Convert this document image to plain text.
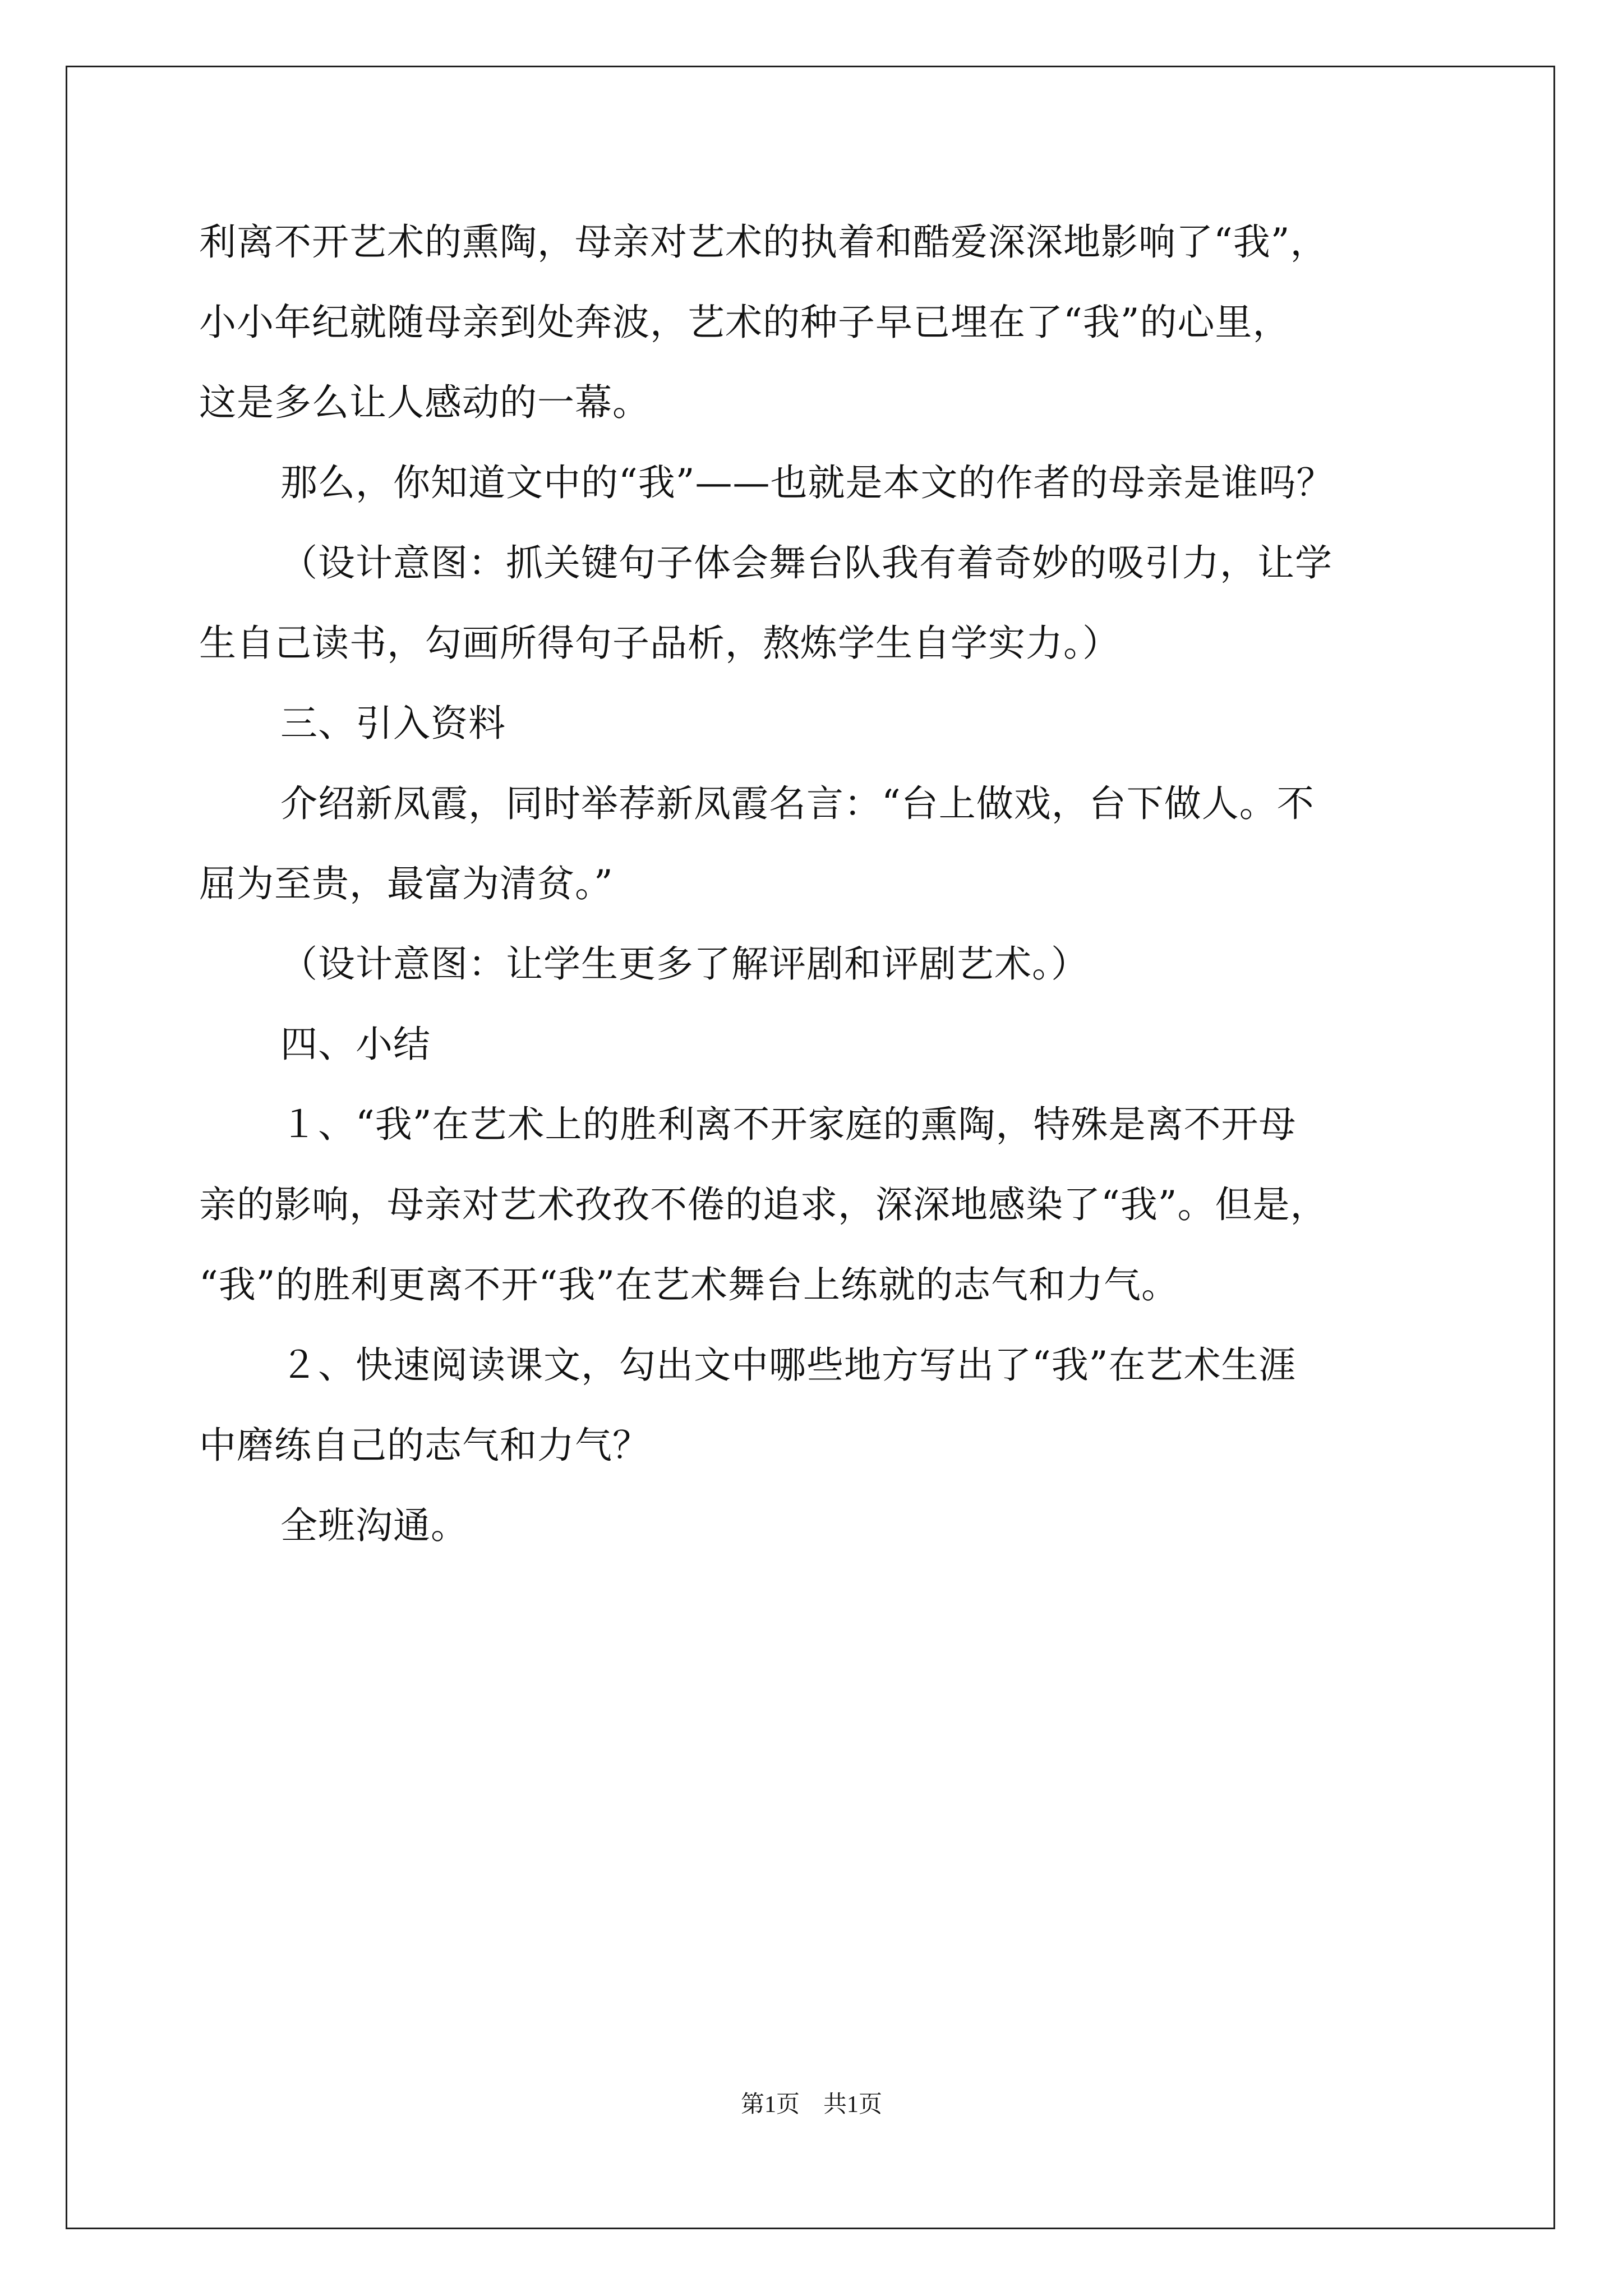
利离不开艺术的熏陶，母亲对艺术的执着和酷爱深深地影响了“我”，
小小年纪就随母亲到处奔波，艺术的种子早已埋在了“我”的心里，
这是多么让人感动的一幕。
那么，你知道文中的“我”——也就是本文的作者的母亲是谁吗？
（设计意图：抓关键句子体会舞台队我有着奇妙的吸引力，让学
生自己读书，勾画所得句子品析，熬炼学生自学实力。）
三、引入资料
介绍新凤霞，同时举荐新凤霞名言：“台上做戏，台下做人。不
屈为至贵，最富为清贫。”
（设计意图：让学生更多了解评剧和评剧艺术。）
四、小结
１、“我”在艺术上的胜利离不开家庭的熏陶，特殊是离不开母
亲的影响，母亲对艺术孜孜不倦的追求，深深地感染了“我”。但是，
“我”的胜利更离不开“我”在艺术舞台上练就的志气和力气。
２、快速阅读课文，勾出文中哪些地方写出了“我”在艺术生涯
中磨练自己的志气和力气？
全班沟通。
第1页　共1页
